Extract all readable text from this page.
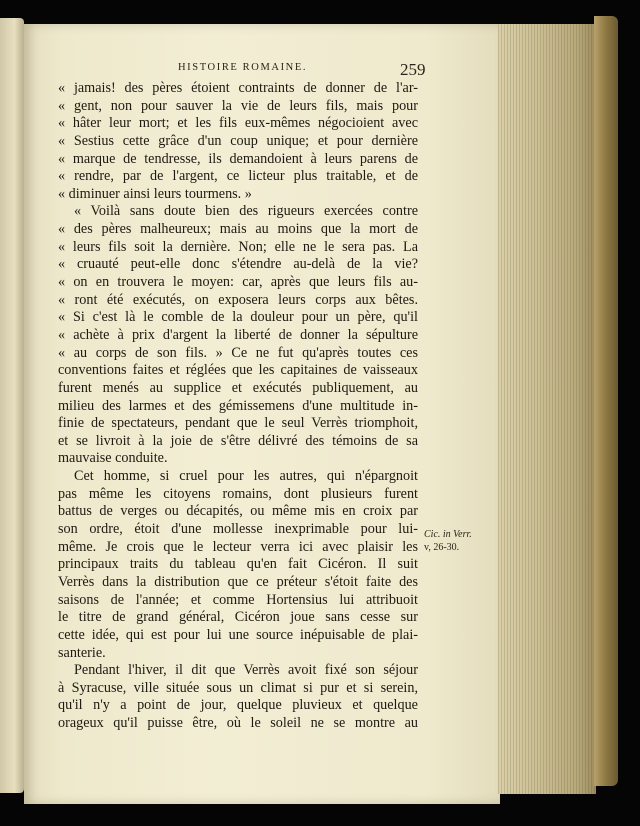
HISTOIRE ROMAINE.	259
« jamais! des pères étoient contraints de donner de l'ar-
« gent, non pour sauver la vie de leurs fils, mais pour
« hâter leur mort; et les fils eux-mêmes négocioient avec
« Sestius cette grâce d'un coup unique; et pour dernière
« marque de tendresse, ils demandoient à leurs parens de
« rendre, par de l'argent, ce licteur plus traitable, et de
« diminuer ainsi leurs tourmens. »
« Voilà sans doute bien des rigueurs exercées contre
« des pères malheureux; mais au moins que la mort de
« leurs fils soit la dernière. Non; elle ne le sera pas. La
« cruauté peut-elle donc s'étendre au-delà de la vie?
« on en trouvera le moyen: car, après que leurs fils au-
« ront été exécutés, on exposera leurs corps aux bêtes.
« Si c'est là le comble de la douleur pour un père, qu'il
« achète à prix d'argent la liberté de donner la sépulture
« au corps de son fils. » Ce ne fut qu'après toutes ces
conventions faites et réglées que les capitaines de vaisseaux
furent menés au supplice et exécutés publiquement, au
milieu des larmes et des gémissemens d'une multitude in-
finie de spectateurs, pendant que le seul Verrès triomphoit,
et se livroit à la joie de s'être délivré des témoins de sa
mauvaise conduite.
Cet homme, si cruel pour les autres, qui n'épargnoit
pas même les citoyens romains, dont plusieurs furent
battus de verges ou décapités, ou même mis en croix par
son ordre, étoit d'une mollesse inexprimable pour lui-
même. Je crois que le lecteur verra ici avec plaisir les
principaux traits du tableau qu'en fait Cicéron. Il suit
Verrès dans la distribution que ce préteur s'étoit faite des
saisons de l'année; et comme Hortensius lui attribuoit
le titre de grand général, Cicéron joue sans cesse sur
cette idée, qui est pour lui une source inépuisable de plai-
santerie.
Pendant l'hiver, il dit que Verrès avoit fixé son séjour
à Syracuse, ville située sous un climat si pur et si serein,
qu'il n'y a point de jour, quelque pluvieux et quelque
orageux qu'il puisse être, où le soleil ne se montre au
Cic. in Verr.
v, 26-30.
